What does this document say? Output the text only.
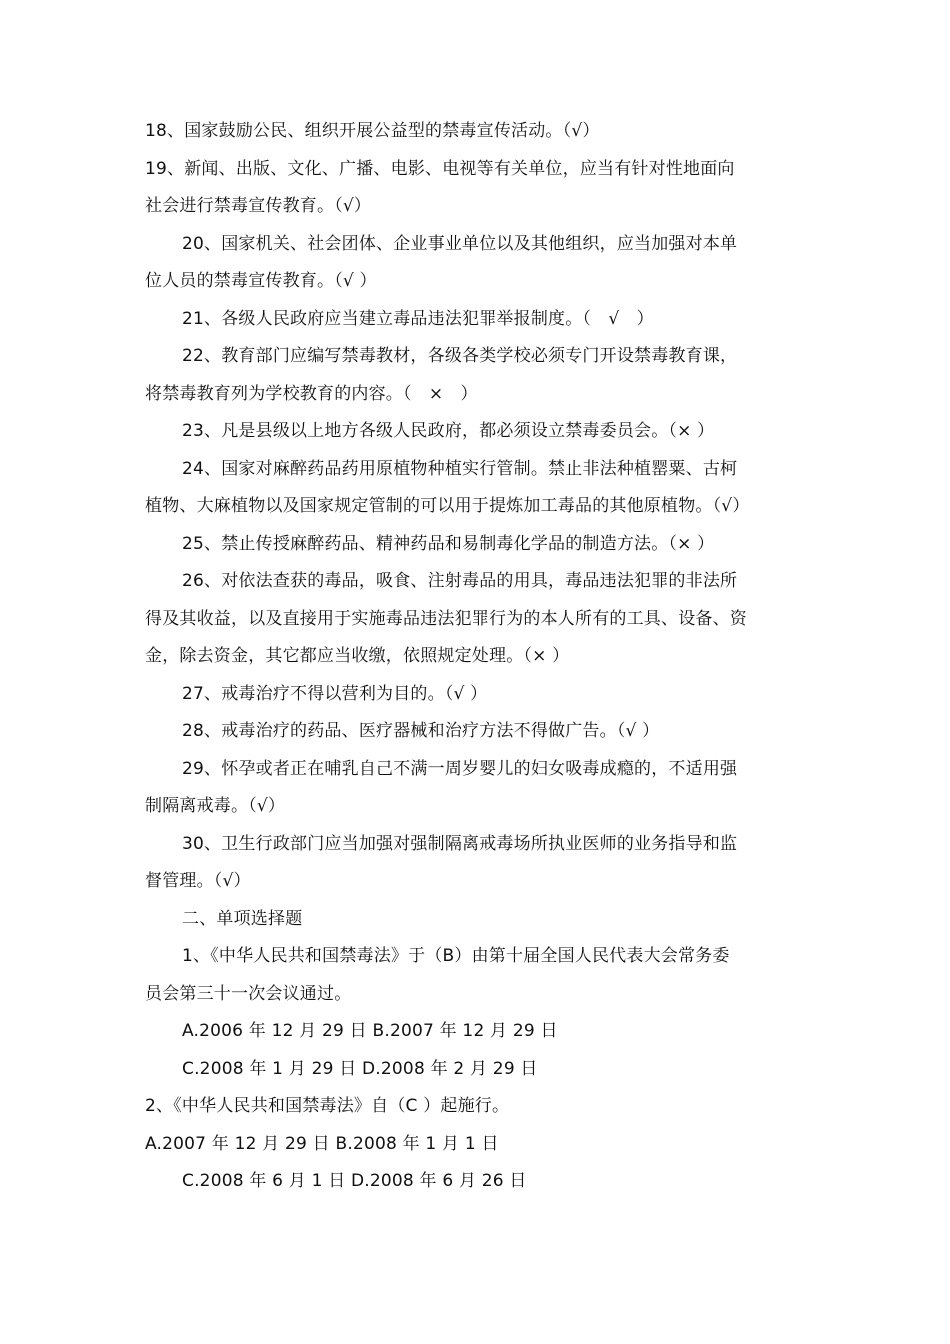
18、国家鼓励公民、组织开展公益型的禁毒宣传活动。（√）
19、新闻、出版、文化、广播、电影、电视等有关单位，应当有针对性地面向
社会进行禁毒宣传教育。（√）
20、国家机关、社会团体、企业事业单位以及其他组织，应当加强对本单
位人员的禁毒宣传教育。（√ ）
21、各级人民政府应当建立毒品违法犯罪举报制度。（　√　）
22、教育部门应编写禁毒教材，各级各类学校必须专门开设禁毒教育课，
将禁毒教育列为学校教育的内容。（　×　）
23、凡是县级以上地方各级人民政府，都必须设立禁毒委员会。（× ）
24、国家对麻醉药品药用原植物种植实行管制。禁止非法种植罂粟、古柯
植物、大麻植物以及国家规定管制的可以用于提炼加工毒品的其他原植物。（√）
25、禁止传授麻醉药品、精神药品和易制毒化学品的制造方法。（× ）
26、对依法查获的毒品，吸食、注射毒品的用具，毒品违法犯罪的非法所
得及其收益，以及直接用于实施毒品违法犯罪行为的本人所有的工具、设备、资
金，除去资金，其它都应当收缴，依照规定处理。（× ）
27、戒毒治疗不得以营利为目的。（√ ）
28、戒毒治疗的药品、医疗器械和治疗方法不得做广告。（√ ）
29、怀孕或者正在哺乳自己不满一周岁婴儿的妇女吸毒成瘾的，不适用强
制隔离戒毒。（√）
30、卫生行政部门应当加强对强制隔离戒毒场所执业医师的业务指导和监
督管理。（√）
二、单项选择题
1、《中华人民共和国禁毒法》于（B）由第十届全国人民代表大会常务委
员会第三十一次会议通过。
A.2006 年 12 月 29 日 B.2007 年 12 月 29 日
C.2008 年 1 月 29 日 D.2008 年 2 月 29 日
2、《中华人民共和国禁毒法》自（C ）起施行。
A.2007 年 12 月 29 日 B.2008 年 1 月 1 日
C.2008 年 6 月 1 日 D.2008 年 6 月 26 日
